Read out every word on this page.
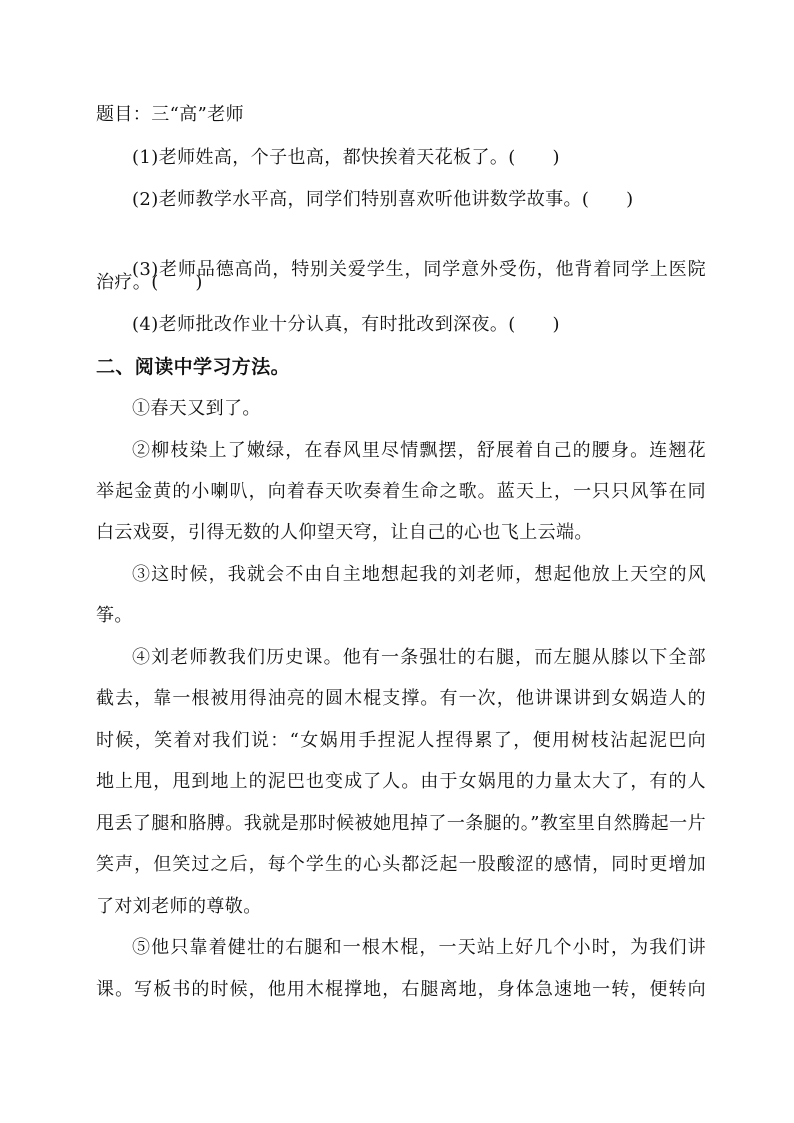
题目：三“高”老师
(1)老师姓高，个子也高，都快挨着天花板了。(　　)
(2)老师教学水平高，同学们特别喜欢听他讲数学故事。(　　)
(3)老师品德高尚，特别关爱学生，同学意外受伤，他背着同学上医院
治疗。(　　)
(4)老师批改作业十分认真，有时批改到深夜。(　　)
二、阅读中学习方法。
①春天又到了。
②柳枝染上了嫩绿，在春风里尽情飘摆，舒展着自己的腰身。连翘花
举起金黄的小喇叭，向着春天吹奏着生命之歌。蓝天上，一只只风筝在同
白云戏耍，引得无数的人仰望天穹，让自己的心也飞上云端。
③这时候，我就会不由自主地想起我的刘老师，想起他放上天空的风
筝。
④刘老师教我们历史课。他有一条强壮的右腿，而左腿从膝以下全部
截去，靠一根被用得油亮的圆木棍支撑。有一次，他讲课讲到女娲造人的
时候，笑着对我们说：“女娲用手捏泥人捏得累了，便用树枝沾起泥巴向
地上甩，甩到地上的泥巴也变成了人。由于女娲甩的力量太大了，有的人
甩丢了腿和胳膊。我就是那时候被她甩掉了一条腿的。”教室里自然腾起一片
笑声，但笑过之后，每个学生的心头都泛起一股酸涩的感情，同时更增加
了对刘老师的尊敬。
⑤他只靠着健壮的右腿和一根木棍，一天站上好几个小时，为我们讲
课。写板书的时候，他用木棍撑地，右腿离地，身体急速地一转，便转向
